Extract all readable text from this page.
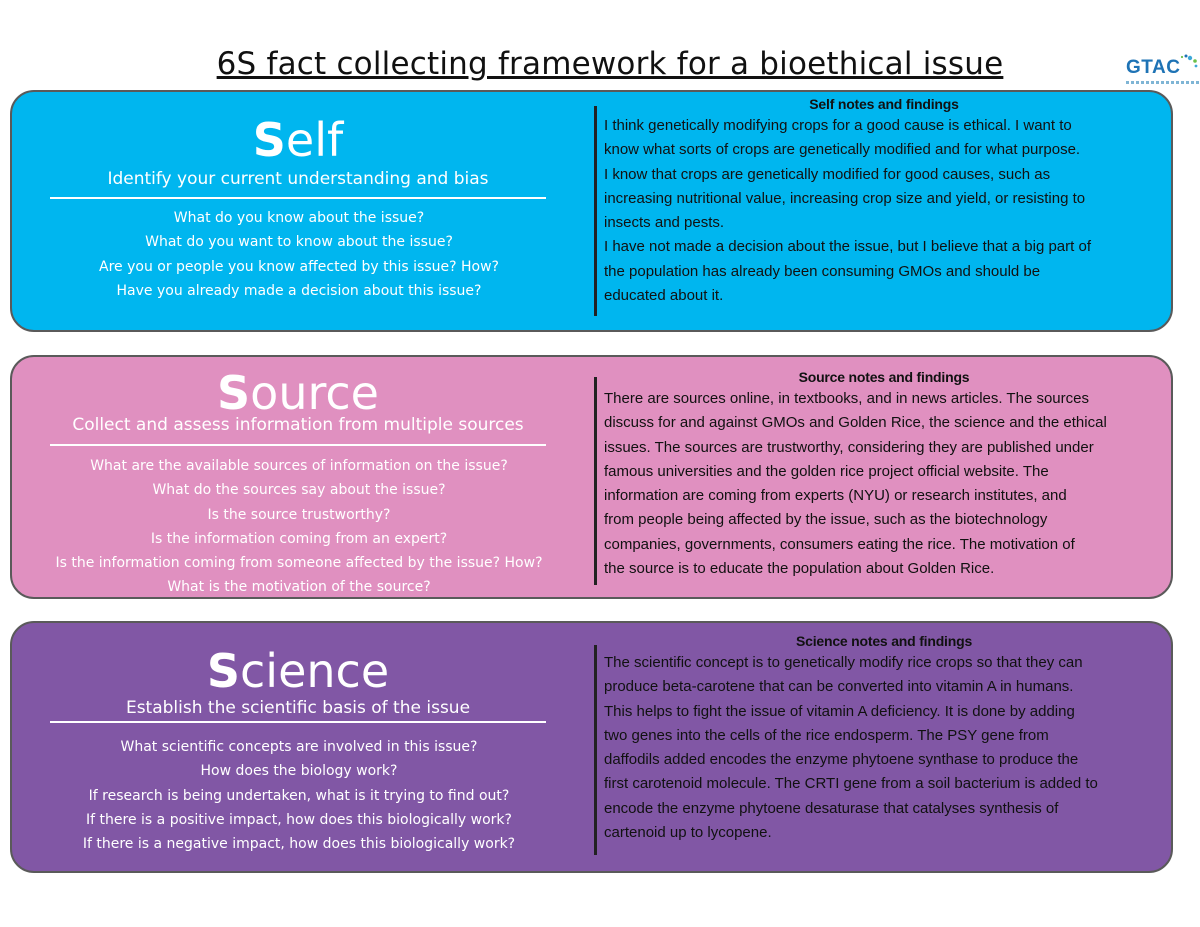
6S fact collecting framework for a bioethical issue	GTAC
Self
Identify your current understanding and bias
What do you know about the issue?
What do you want to know about the issue?
Are you or people you know affected by this issue? How?
Have you already made a decision about this issue?

Self notes and findings

I think genetically modifying crops for a good cause is ethical. I want to
know what sorts of crops are genetically modified and for what purpose.
I know that crops are genetically modified for good causes, such as
increasing nutritional value, increasing crop size and yield, or resisting to
insects and pests.
I have not made a decision about the issue, but I believe that a big part of
the population has already been consuming GMOs and should be
educated about it.
Source
Collect and assess information from multiple sources
What are the available sources of information on the issue?
What do the sources say about the issue?
Is the source trustworthy?
Is the information coming from an expert?
Is the information coming from someone affected by the issue? How?
What is the motivation of the source?

Source notes and findings

There are sources online, in textbooks, and in news articles. The sources
discuss for and against GMOs and Golden Rice, the science and the ethical
issues. The sources are trustworthy, considering they are published under
famous universities and the golden rice project official website. The
information are coming from experts (NYU) or research institutes, and
from people being affected by the issue, such as the biotechnology
companies, governments, consumers eating the rice. The motivation of
the source is to educate the population about Golden Rice.
Science
Establish the scientific basis of the issue
What scientific concepts are involved in this issue?
How does the biology work?
If research is being undertaken, what is it trying to find out?
If there is a positive impact, how does this biologically work?
If there is a negative impact, how does this biologically work?

Science notes and findings

The scientific concept is to genetically modify rice crops so that they can
produce beta-carotene that can be converted into vitamin A in humans.
This helps to fight the issue of vitamin A deficiency. It is done by adding
two genes into the cells of the rice endosperm. The PSY gene from
daffodils added encodes the enzyme phytoene synthase to produce the
first carotenoid molecule. The CRTI gene from a soil bacterium is added to
encode the enzyme phytoene desaturase that catalyses synthesis of
cartenoid up to lycopene.
